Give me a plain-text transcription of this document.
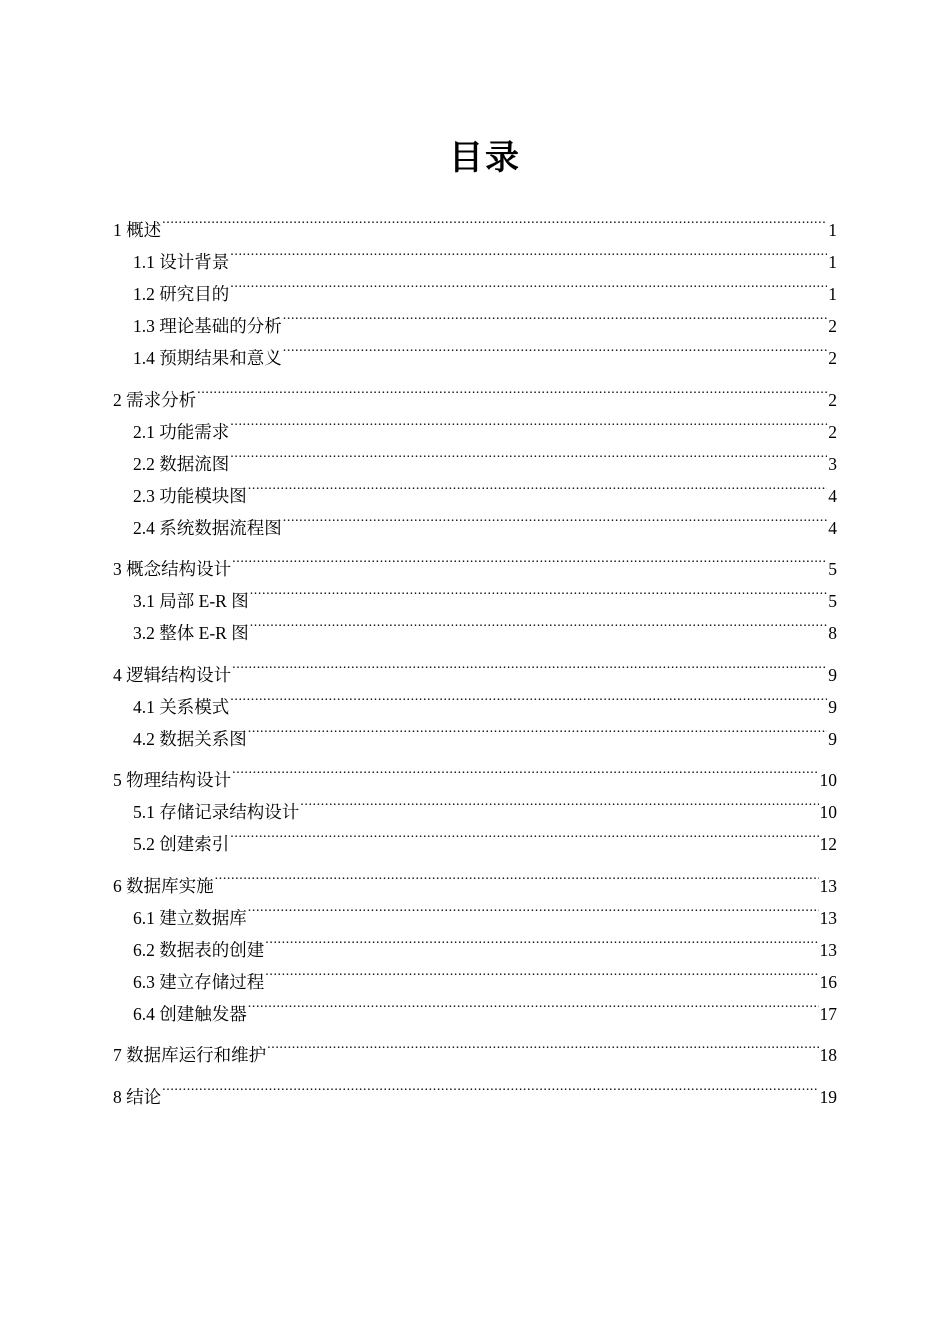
目录
1 概述 .....	1
1.1 设计背景 .....	1
1.2 研究目的 .....	1
1.3 理论基础的分析 .....	2
1.4 预期结果和意义 .....	2
2 需求分析 .....	2
2.1 功能需求 .....	2
2.2 数据流图 .....	3
2.3 功能模块图 .....	4
2.4 系统数据流程图 .....	4
3 概念结构设计 .....	5
3.1 局部 E-R 图 .....	5
3.2 整体 E-R 图 .....	8
4 逻辑结构设计 .....	9
4.1 关系模式 .....	9
4.2 数据关系图 .....	9
5 物理结构设计 .....	10
5.1 存储记录结构设计 .....	10
5.2 创建索引 .....	12
6 数据库实施 .....	13
6.1 建立数据库 .....	13
6.2 数据表的创建 .....	13
6.3 建立存储过程 .....	16
6.4 创建触发器 .....	17
7 数据库运行和维护 .....	18
8 结论 .....	19
